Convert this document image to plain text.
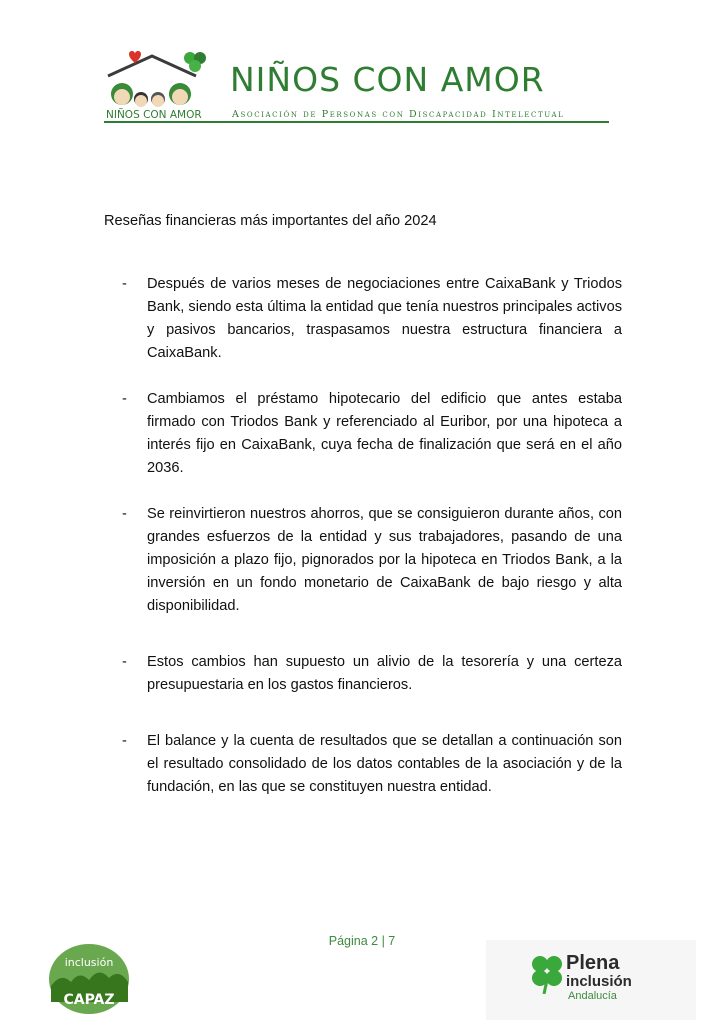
NIÑOS CON AMOR
NIÑOS CON AMOR
Asociación de Personas con Discapacidad Intelectual
Reseñas financieras más importantes del año 2024
- Después de varios meses de negociaciones entre CaixaBank y Triodos Bank, siendo esta última la entidad que tenía nuestros principales activos y pasivos bancarios, traspasamos nuestra estructura financiera a CaixaBank.
- Cambiamos el préstamo hipotecario del edificio que antes estaba firmado con Triodos Bank y referenciado al Euribor, por una hipoteca a interés fijo en CaixaBank, cuya fecha de finalización que será en el año 2036.
- Se reinvirtieron nuestros ahorros, que se consiguieron durante años, con grandes esfuerzos de la entidad y sus trabajadores, pasando de una imposición a plazo fijo, pignorados por la hipoteca en Triodos Bank, a la inversión en un fondo monetario de CaixaBank de bajo riesgo y alta disponibilidad.
- Estos cambios han supuesto un alivio de la tesorería y una certeza presupuestaria en los gastos financieros.
- El balance y la cuenta de resultados que se detallan a continuación son el resultado consolidado de los datos contables de la asociación y de la fundación, en las que se constituyen nuestra entidad.
Página 2 | 7
inclusión
CAPAZ
Plena
inclusión
Andalucía
